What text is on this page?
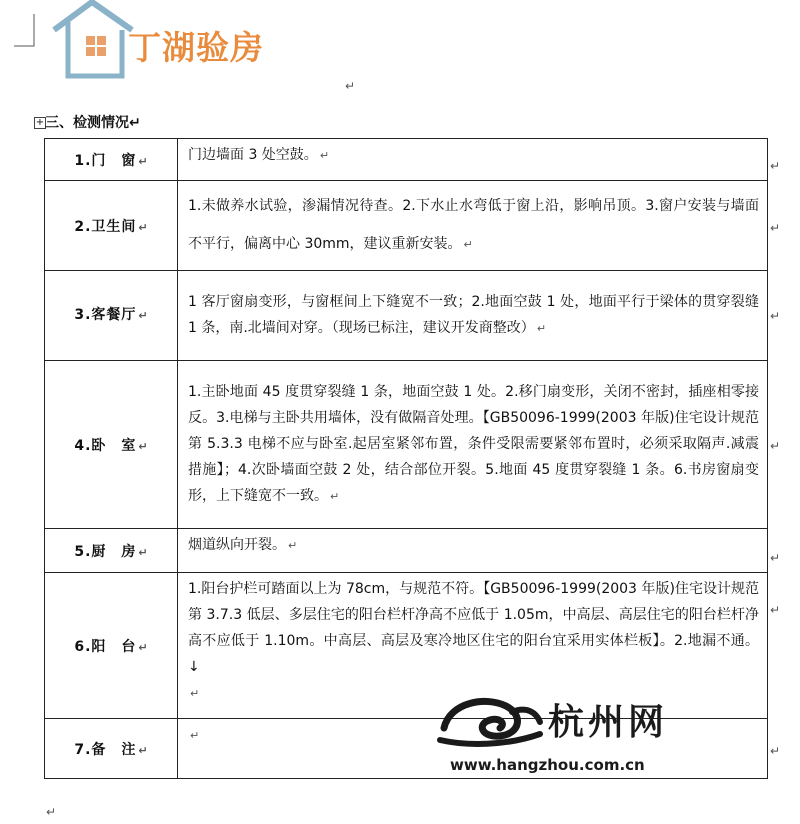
丁湖验房
↵
+ 三、检测情况↵
1.门　窗 ↵	门边墙面 3 处空鼓。 ↵
2.卫生间 ↵	1.未做养水试验，渗漏情况待查。2.下水止水弯低于窗上沿，影响吊顶。3.窗户安装与墙面不平行，偏离中心 30mm，建议重新安装。 ↵
3.客餐厅 ↵	1 客厅窗扇变形，与窗框间上下缝宽不一致；2.地面空鼓 1 处，地面平行于梁体的贯穿裂缝 1 条，南.北墙间对穿。（现场已标注，建议开发商整改） ↵
4.卧　室 ↵	1.主卧地面 45 度贯穿裂缝 1 条，地面空鼓 1 处。2.移门扇变形，关闭不密封，插座相零接反。3.电梯与主卧共用墙体，没有做隔音处理。【GB50096-1999(2003 年版)住宅设计规范第 5.3.3 电梯不应与卧室.起居室紧邻布置，条件受限需要紧邻布置时，必须采取隔声.减震措施】；4.次卧墙面空鼓 2 处，结合部位开裂。5.地面 45 度贯穿裂缝 1 条。6.书房窗扇变形，上下缝宽不一致。 ↵
5.厨　房 ↵	烟道纵向开裂。 ↵
6.阳　台 ↵	1.阳台护栏可踏面以上为 78cm，与规范不符。【GB50096-1999(2003 年版)住宅设计规范第 3.7.3 低层、多层住宅的阳台栏杆净高不应低于 1.05m，中高层、高层住宅的阳台栏杆净高不应低于 1.10m。中高层、高层及寒冷地区住宅的阳台宜采用实体栏板】。2.地漏不通。↓
↵
7.备　注 ↵	↵
↵
↵
↵
↵
↵
↵
↵
↵
杭州网
www.hangzhou.com.cn
